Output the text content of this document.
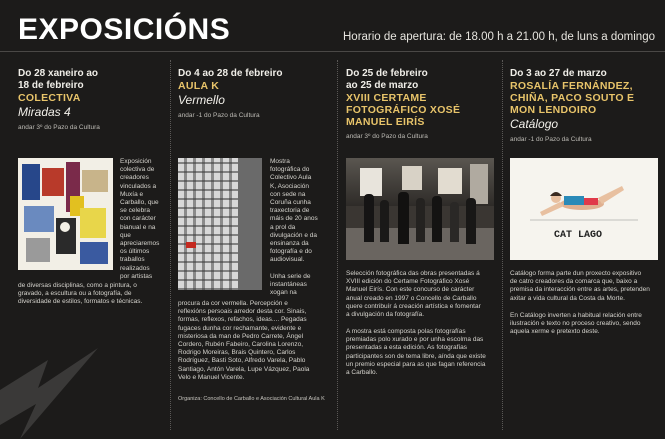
EXPOSICIÓNS	Horario de apertura: de 18.00 h a 21.00 h, de luns a domingo
Do 28 xaneiro ao
18 de febreiro
COLECTIVA
Miradas 4
andar 3º do Pazo da Cultura
Exposición
colectiva de
creadores
vinculados a
Muxía e
Carballo, que
se celebra
con carácter
bianual e na
que
apreciaremos
os últimos
traballos
realizados
por artistas
de diversas disciplinas, como a pintura, o
gravado, a escultura ou a fotografía, de
diversidade de estilos, formatos e técnicas.
Do 4 ao 28 de febreiro
AULA K
Vermello
andar -1 do Pazo da Cultura
Mostra
fotográfica do
Colectivo Aula
K, Asociación
con sede na
Coruña cunha
traxectoria de
máis de 20 anos
a prol da
divulgación e da
ensinanza da
fotografía e do
audiovisual.
Unha serie de
instantáneas
xogan na
procura da cor vermella. Percepción e
reflexións persoais arredor desta cor. Sinais,
formas, reflexos, refachos, ideas.... Pegadas
fugaces dunha cor rechamante, evidente e
misteriosa da man de Pedro Carrete, Ángel
Cordero, Rubén Fabeiro, Carolina Lorenzo,
Rodrigo Moreiras, Brais Quintero, Carlos
Rodríguez, Basti Soto, Alfredo Varela, Pablo
Santiago, Antón Varela, Lupe Vázquez, Paola
Velo e Manuel Vicente.
Organiza: Concello de Carballo e Asociación Cultural Aula K
Do 25 de febreiro
ao 25 de marzo
XVIII CERTAME
FOTOGRÁFICO XOSÉ
MANUEL EIRÍS
andar 3º do Pazo da Cultura
Selección fotográfica das obras presentadas á
XVIII edición do Certame Fotográfico Xosé
Manuel Eirís. Con este concurso de carácter
anual creado en 1997 o Concello de Carballo
quere contribuír á creación artística e fomentar
a divulgación da fotografía.
A mostra está composta polas fotografías
premiadas polo xurado e por unha escolma das
presentadas a esta edición. As fotografías
participantes son de tema libre, aínda que existe
un premio especial para as que fagan referencia
a Carballo.
Do 3 ao 27 de marzo
ROSALÍA FERNÁNDEZ,
CHIÑA, PACO SOUTO E
MON LENDOIRO
Catálogo
andar -1 do Pazo da Cultura
CAT LAGO
Catálogo forma parte dun proxecto expositivo
de catro creadores da comarca que, baixo a
premisa da interacción entre as artes, pretenden
axitar a vida cultural da Costa da Morte.
En Catálogo inverten a habitual relación entre
ilustración e texto no proceso creativo, sendo
aquela xerme e pretexto deste.
